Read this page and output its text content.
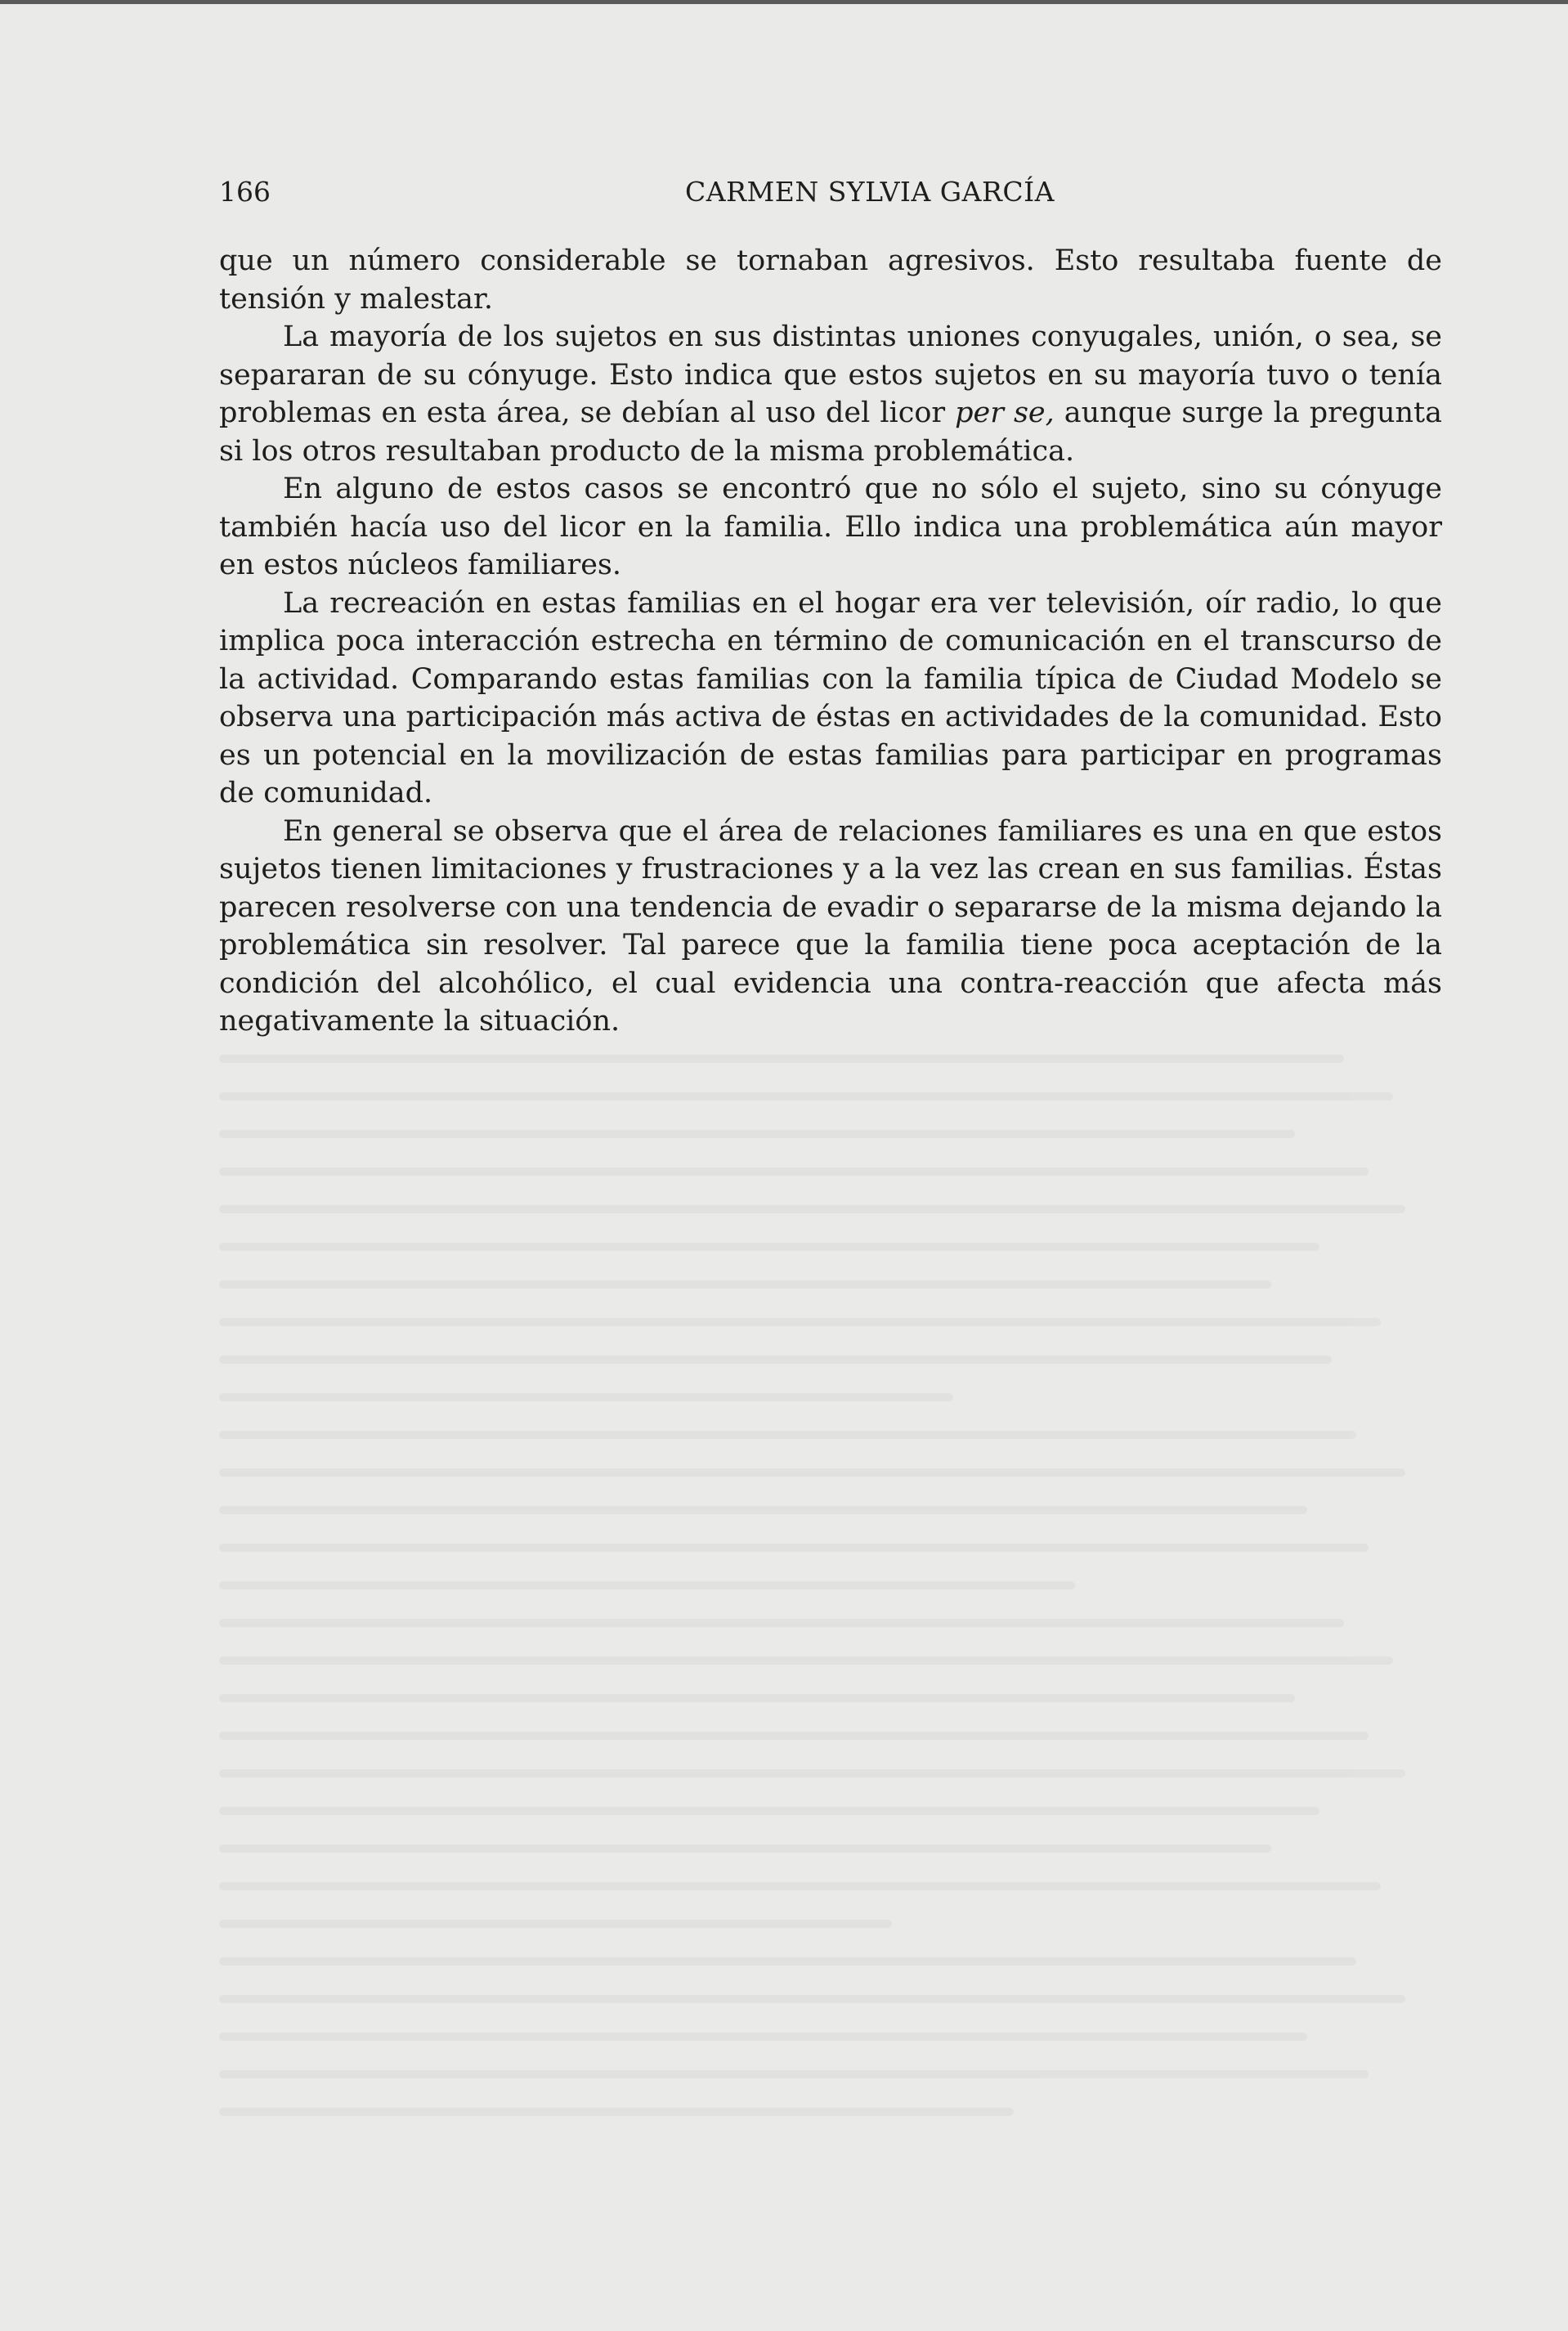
166	CARMEN SYLVIA GARCÍA

que un número considerable se tornaban agresivos. Esto resultaba fuente de tensión y malestar.

La mayoría de los sujetos en sus distintas uniones conyugales, unión, o sea, se separaran de su cónyuge. Esto indica que estos sujetos en su mayoría tuvo o tenía problemas en esta área, se debían al uso del licor per se, aunque surge la pregunta si los otros resultaban producto de la misma problemática.

En alguno de estos casos se encontró que no sólo el sujeto, sino su cónyuge también hacía uso del licor en la familia. Ello indica una problemática aún mayor en estos núcleos familiares.

La recreación en estas familias en el hogar era ver televisión, oír radio, lo que implica poca interacción estrecha en término de comunicación en el transcurso de la actividad. Comparando estas familias con la familia típica de Ciudad Modelo se observa una participación más activa de éstas en actividades de la comunidad. Esto es un potencial en la movilización de estas familias para participar en programas de comunidad.

En general se observa que el área de relaciones familiares es una en que estos sujetos tienen limitaciones y frustraciones y a la vez las crean en sus familias. Éstas parecen resolverse con una tendencia de evadir o separarse de la misma dejando la problemática sin resolver. Tal parece que la familia tiene poca aceptación de la condición del alcohólico, el cual evidencia una contra-reacción que afecta más negativamente la situación.
